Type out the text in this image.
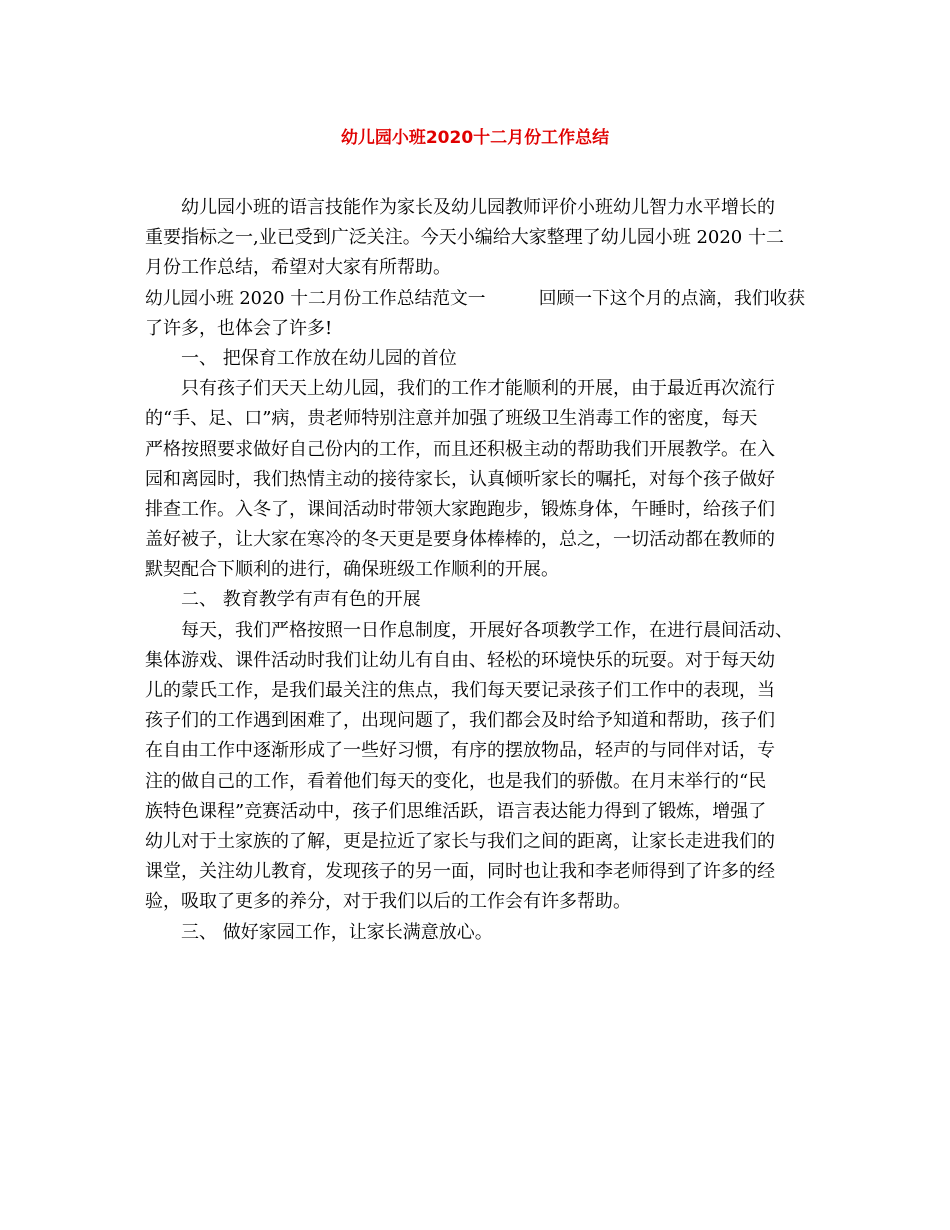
幼儿园小班2020十二月份工作总结
幼儿园小班的语言技能作为家长及幼儿园教师评价小班幼儿智力水平增长的
重要指标之一,业已受到广泛关注。今天小编给大家整理了幼儿园小班 2020 十二
月份工作总结，希望对大家有所帮助。
幼儿园小班 2020 十二月份工作总结范文一　　　回顾一下这个月的点滴，我们收获
了许多，也体会了许多!
一、 把保育工作放在幼儿园的首位
只有孩子们天天上幼儿园，我们的工作才能顺利的开展，由于最近再次流行
的“手、足、口”病，贵老师特别注意并加强了班级卫生消毒工作的密度，每天
严格按照要求做好自己份内的工作，而且还积极主动的帮助我们开展教学。在入
园和离园时，我们热情主动的接待家长，认真倾听家长的嘱托，对每个孩子做好
排查工作。入冬了，课间活动时带领大家跑跑步，锻炼身体，午睡时，给孩子们
盖好被子，让大家在寒冷的冬天更是要身体棒棒的，总之，一切活动都在教师的
默契配合下顺利的进行，确保班级工作顺利的开展。
二、 教育教学有声有色的开展
每天，我们严格按照一日作息制度，开展好各项教学工作，在进行晨间活动、
集体游戏、课件活动时我们让幼儿有自由、轻松的环境快乐的玩耍。对于每天幼
儿的蒙氏工作，是我们最关注的焦点，我们每天要记录孩子们工作中的表现，当
孩子们的工作遇到困难了，出现问题了，我们都会及时给予知道和帮助，孩子们
在自由工作中逐渐形成了一些好习惯，有序的摆放物品，轻声的与同伴对话，专
注的做自己的工作，看着他们每天的变化，也是我们的骄傲。在月末举行的“民
族特色课程”竞赛活动中，孩子们思维活跃，语言表达能力得到了锻炼，增强了
幼儿对于土家族的了解，更是拉近了家长与我们之间的距离，让家长走进我们的
课堂，关注幼儿教育，发现孩子的另一面，同时也让我和李老师得到了许多的经
验，吸取了更多的养分，对于我们以后的工作会有许多帮助。
三、 做好家园工作，让家长满意放心。
